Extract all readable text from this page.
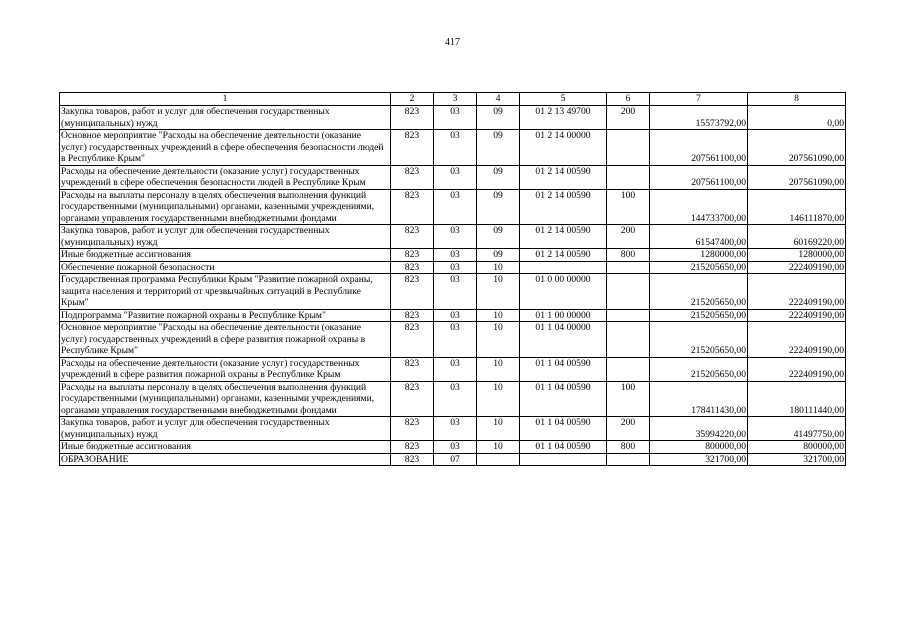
417
1	2	3	4	5	6	7	8
Закупка товаров, работ и услуг для обеспечения государственных (муниципальных) нужд	823	03	09	01 2 13 49700	200	15573792,00	0,00
Основное мероприятие "Расходы на обеспечение деятельности (оказание услуг) государственных учреждений в сфере обеспечения безопасности людей в Республике Крым"	823	03	09	01 2 14 00000		207561100,00	207561090,00
Расходы на обеспечение деятельности (оказание услуг) государственных учреждений в сфере обеспечения безопасности людей в Республике Крым	823	03	09	01 2 14 00590		207561100,00	207561090,00
Расходы на выплаты персоналу в целях обеспечения выполнения функций государственными (муниципальными) органами, казенными учреждениями, органами управления государственными внебюджетными фондами	823	03	09	01 2 14 00590	100	144733700,00	146111870,00
Закупка товаров, работ и услуг для обеспечения государственных (муниципальных) нужд	823	03	09	01 2 14 00590	200	61547400,00	60169220,00
Иные бюджетные ассигнования	823	03	09	01 2 14 00590	800	1280000,00	1280000,00
Обеспечение пожарной безопасности	823	03	10			215205650,00	222409190,00
Государственная программа Республики Крым "Развитие пожарной охраны, защита населения и территорий от чрезвычайных ситуаций в Республике Крым"	823	03	10	01 0 00 00000		215205650,00	222409190,00
Подпрограмма "Развитие пожарной охраны в Республике Крым"	823	03	10	01 1 00 00000		215205650,00	222409190,00
Основное мероприятие "Расходы на обеспечение деятельности (оказание услуг) государственных учреждений в сфере развития пожарной охраны в Республике Крым"	823	03	10	01 1 04 00000		215205650,00	222409190,00
Расходы на обеспечение деятельности (оказание услуг) государственных учреждений в сфере развития пожарной охраны в Республике Крым	823	03	10	01 1 04 00590		215205650,00	222409190,00
Расходы на выплаты персоналу в целях обеспечения выполнения функций государственными (муниципальными) органами, казенными учреждениями, органами управления государственными внебюджетными фондами	823	03	10	01 1 04 00590	100	178411430,00	180111440,00
Закупка товаров, работ и услуг для обеспечения государственных (муниципальных) нужд	823	03	10	01 1 04 00590	200	35994220,00	41497750,00
Иные бюджетные ассигнования	823	03	10	01 1 04 00590	800	800000,00	800000,00
ОБРАЗОВАНИЕ	823	07				321700,00	321700,00
